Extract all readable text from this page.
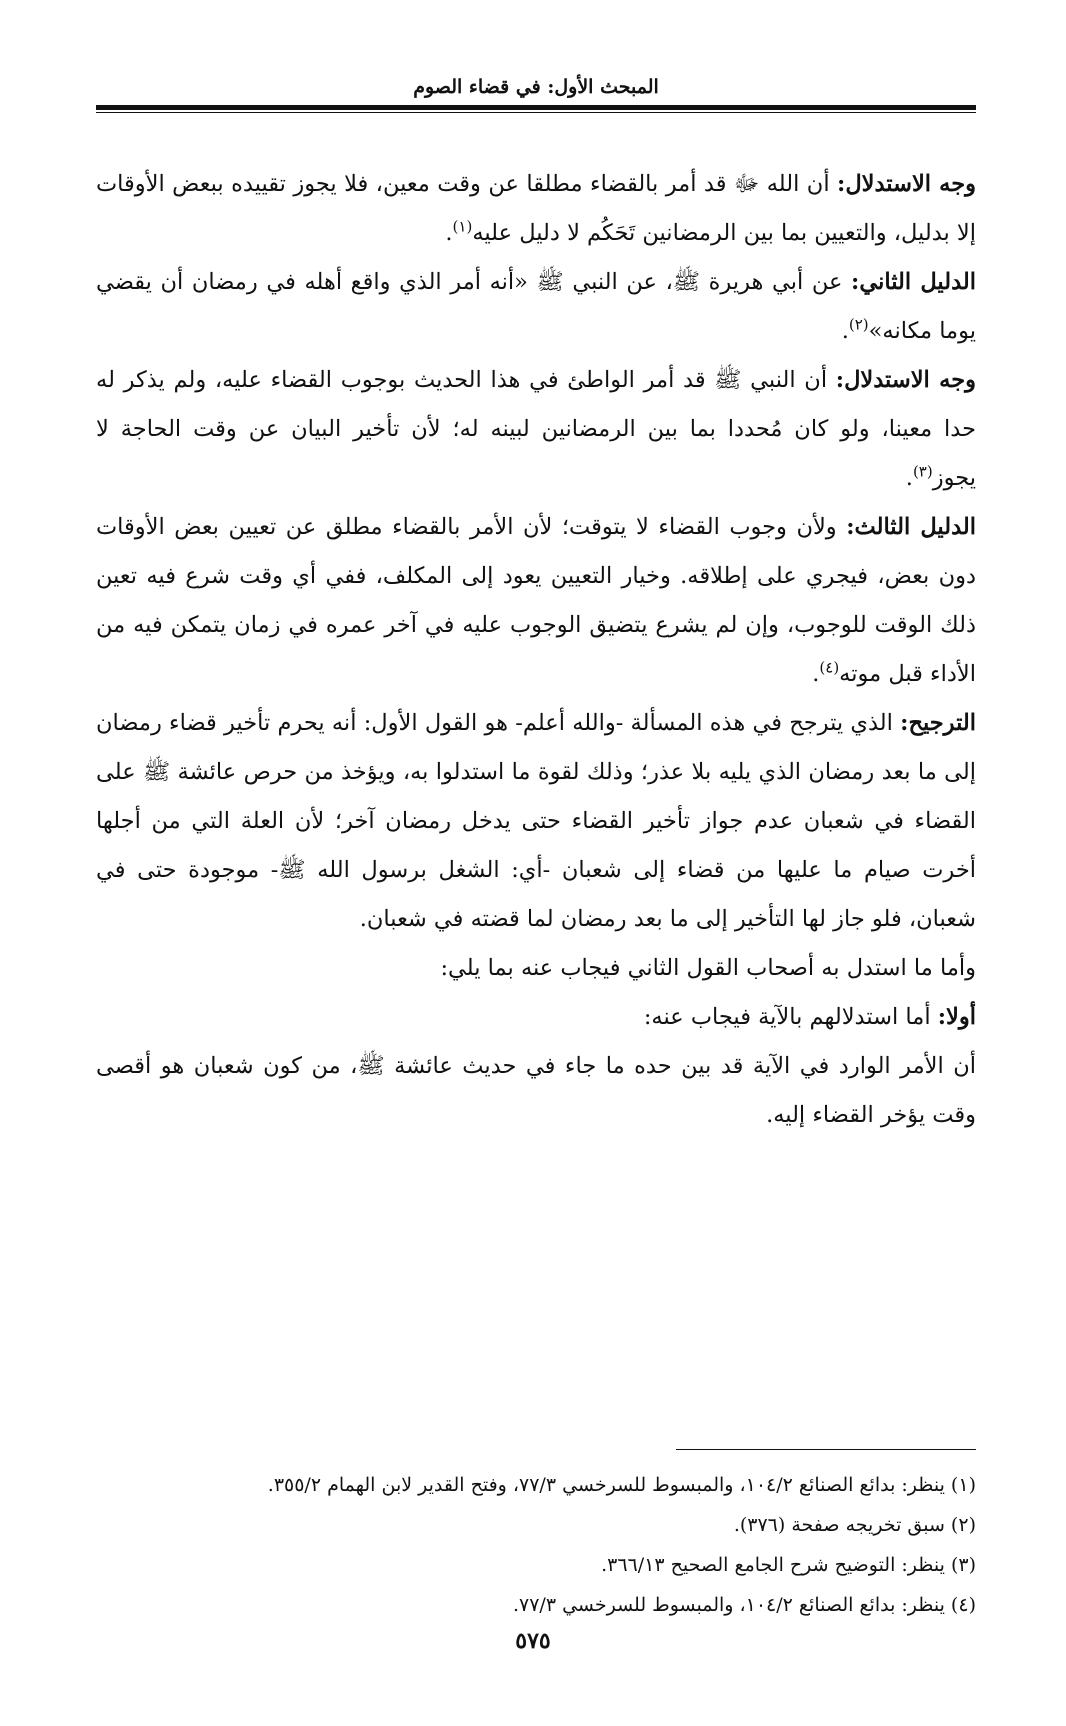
المبحث الأول: في قضاء الصوم

وجه الاستدلال: أن الله ﷻ قد أمر بالقضاء مطلقا عن وقت معين، فلا يجوز تقييده ببعض الأوقات إلا بدليل، والتعيين بما بين الرمضانين تَحَكُم لا دليل عليه$^{(١)}$.

الدليل الثاني: عن أبي هريرة ﷺ، عن النبي ﷺ «أنه أمر الذي واقع أهله في رمضان أن يقضي يوما مكانه»$^{(٢)}$.

وجه الاستدلال: أن النبي ﷺ قد أمر الواطئ في هذا الحديث بوجوب القضاء عليه، ولم يذكر له حدا معينا، ولو كان مُحددا بما بين الرمضانين لبينه له؛ لأن تأخير البيان عن وقت الحاجة لا يجوز$^{(٣)}$.

الدليل الثالث: ولأن وجوب القضاء لا يتوقت؛ لأن الأمر بالقضاء مطلق عن تعيين بعض الأوقات دون بعض، فيجري على إطلاقه. وخيار التعيين يعود إلى المكلف، ففي أي وقت شرع فيه تعين ذلك الوقت للوجوب، وإن لم يشرع يتضيق الوجوب عليه في آخر عمره في زمان يتمكن فيه من الأداء قبل موته$^{(٤)}$.

الترجيح: الذي يترجح في هذه المسألة -والله أعلم- هو القول الأول: أنه يحرم تأخير قضاء رمضان إلى ما بعد رمضان الذي يليه بلا عذر؛ وذلك لقوة ما استدلوا به، ويؤخذ من حرص عائشة ﷺ على القضاء في شعبان عدم جواز تأخير القضاء حتى يدخل رمضان آخر؛ لأن العلة التي من أجلها أخرت صيام ما عليها من قضاء إلى شعبان -أي: الشغل برسول الله ﷺ- موجودة حتى في شعبان، فلو جاز لها التأخير إلى ما بعد رمضان لما قضته في شعبان.

وأما ما استدل به أصحاب القول الثاني فيجاب عنه بما يلي:

أولا: أما استدلالهم بالآية فيجاب عنه:

أن الأمر الوارد في الآية قد بين حده ما جاء في حديث عائشة ﷺ، من كون شعبان هو أقصى وقت يؤخر القضاء إليه.

(١) ينظر: بدائع الصنائع ١٠٤/٢، والمبسوط للسرخسي ٧٧/٣، وفتح القدير لابن الهمام ٣٥٥/٢.
(٢) سبق تخريجه صفحة (٣٧٦).
(٣) ينظر: التوضيح شرح الجامع الصحيح ٣٦٦/١٣.
(٤) ينظر: بدائع الصنائع ١٠٤/٢، والمبسوط للسرخسي ٧٧/٣.
٥٧٥
